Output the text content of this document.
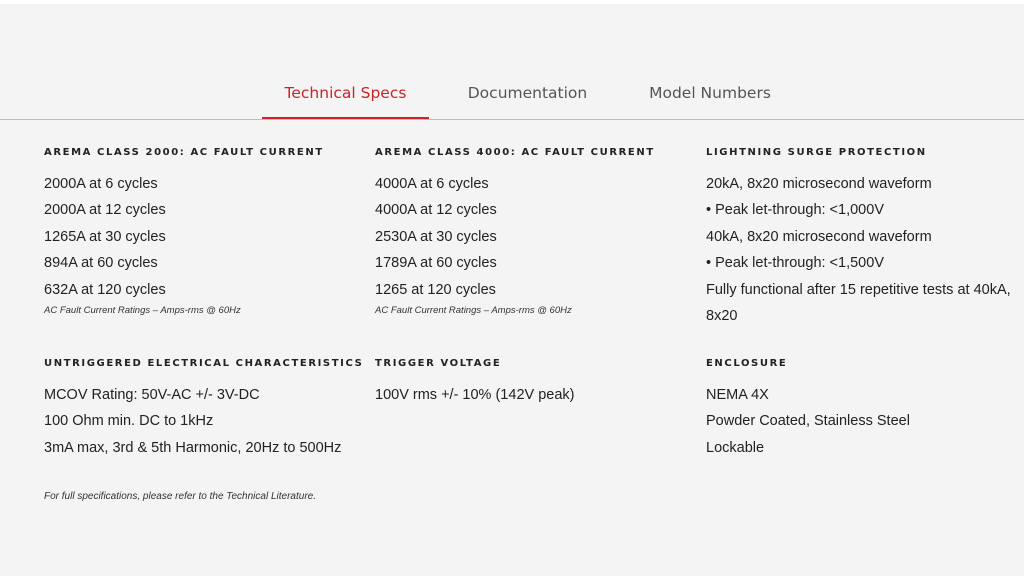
Technical Specs	Documentation	Model Numbers
AREMA CLASS 2000: AC FAULT CURRENT
2000A at 6 cycles
2000A at 12 cycles
1265A at 30 cycles
894A at 60 cycles
632A at 120 cycles
AC Fault Current Ratings – Amps-rms @ 60Hz
AREMA CLASS 4000: AC FAULT CURRENT
4000A at 6 cycles
4000A at 12 cycles
2530A at 30 cycles
1789A at 60 cycles
1265 at 120 cycles
AC Fault Current Ratings – Amps-rms @ 60Hz
LIGHTNING SURGE PROTECTION
20kA, 8x20 microsecond waveform
• Peak let-through: <1,000V
40kA, 8x20 microsecond waveform
• Peak let-through: <1,500V
Fully functional after 15 repetitive tests at 40kA,
8x20
UNTRIGGERED ELECTRICAL CHARACTERISTICS
MCOV Rating: 50V-AC +/- 3V-DC
100 Ohm min. DC to 1kHz
3mA max, 3rd & 5th Harmonic, 20Hz to 500Hz
TRIGGER VOLTAGE
100V rms +/- 10% (142V peak)
ENCLOSURE
NEMA 4X
Powder Coated, Stainless Steel
Lockable
For full specifications, please refer to the Technical Literature.
